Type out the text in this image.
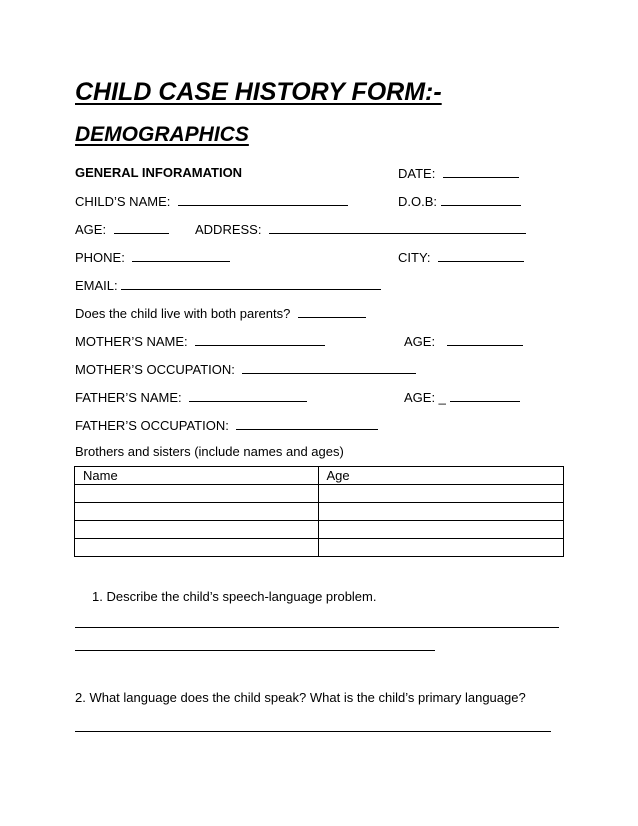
CHILD CASE HISTORY FORM:-
DEMOGRAPHICS
GENERAL INFORAMATION	DATE:
CHILD’S NAME:	D.O.B:
AGE:	ADDRESS:
PHONE:	CITY:
EMAIL:
Does the child live with both parents?
MOTHER’S NAME:	AGE:
MOTHER’S OCCUPATION:
FATHER’S NAME:	AGE: _
FATHER’S OCCUPATION:
Brothers and sisters (include names and ages)
Name	Age

1. Describe the child’s speech-language problem.
2. What language does the child speak? What is the child’s primary language?
